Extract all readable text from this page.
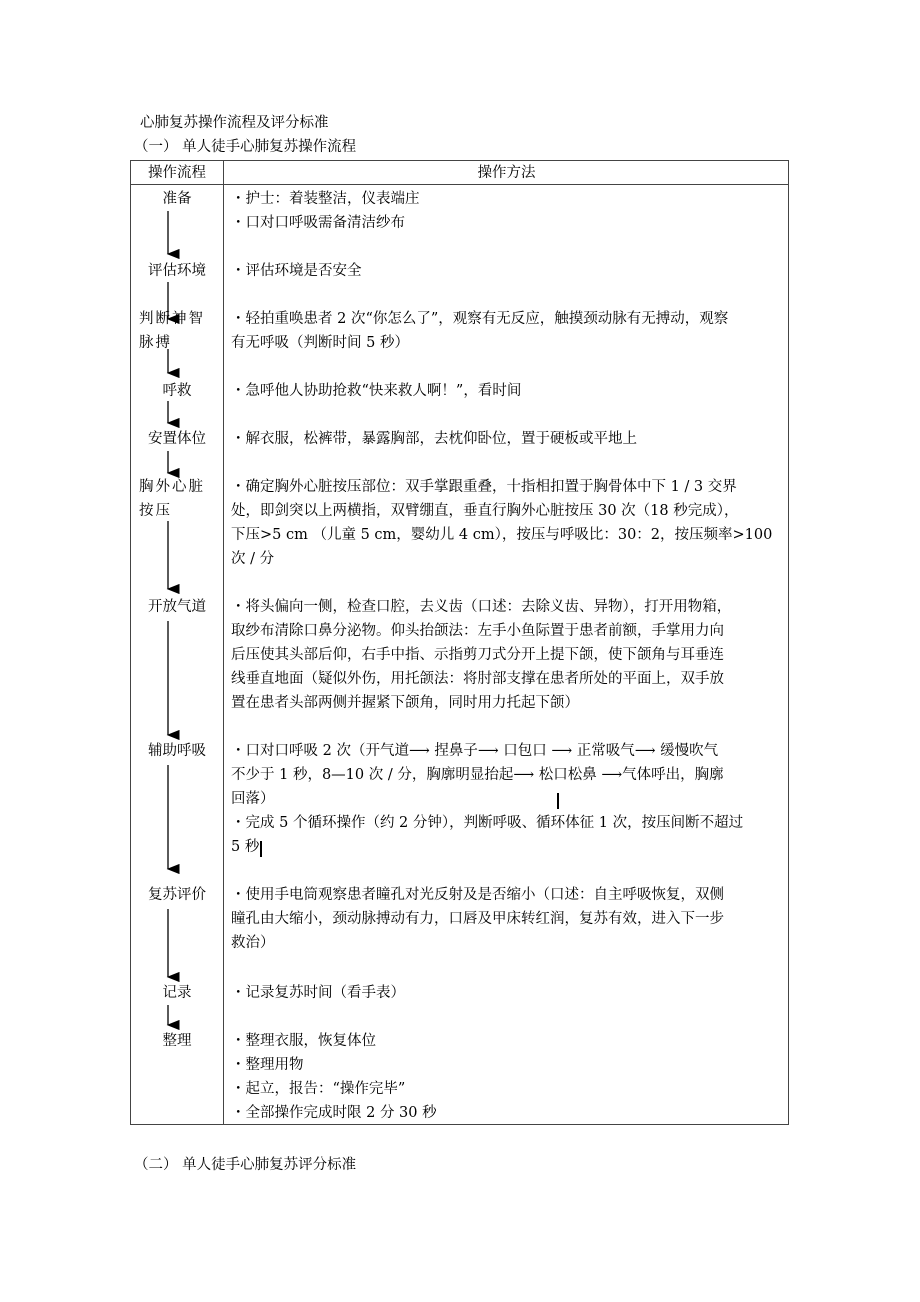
心肺复苏操作流程及评分标准
（一） 单人徒手心肺复苏操作流程
操作流程	操作方法
准备	・护士：着装整洁，仪表端庄
・口对口呼吸需备清洁纱布
评估环境	・评估环境是否安全
判断神智
脉搏
・轻拍重唤患者 2 次“你怎么了”，观察有无反应，触摸颈动脉有无搏动，观察
有无呼吸（判断时间 5 秒）
呼救	・急呼他人协助抢救“快来救人啊！”，看时间
安置体位	・解衣服，松裤带，暴露胸部，去枕仰卧位，置于硬板或平地上
胸外心脏
按压
・确定胸外心脏按压部位：双手掌跟重叠，十指相扣置于胸骨体中下 1 / 3 交界
处，即剑突以上两横指，双臂绷直，垂直行胸外心脏按压 30 次（18 秒完成），
下压>5 cm （儿童 5 cm，婴幼儿 4 cm），按压与呼吸比：30：2，按压频率>100
次 / 分
开放气道	・将头偏向一侧，检查口腔，去义齿（口述：去除义齿、异物），打开用物箱，
取纱布清除口鼻分泌物。仰头抬颌法：左手小鱼际置于患者前额，手掌用力向
后压使其头部后仰，右手中指、示指剪刀式分开上提下颌，使下颌角与耳垂连
线垂直地面（疑似外伤，用托颌法：将肘部支撑在患者所处的平面上，双手放
置在患者头部两侧并握紧下颌角，同时用力托起下颌）
辅助呼吸	・口对口呼吸 2 次（开气道⟶ 捏鼻子⟶ 口包口 ⟶ 正常吸气⟶ 缓慢吹气
不少于 1 秒，8—10 次 / 分，胸廓明显抬起⟶ 松口松鼻 ⟶气体呼出，胸廓
回落）
・完成 5 个循环操作（约 2 分钟），判断呼吸、循环体征 1 次，按压间断不超过
5 秒
复苏评价	・使用手电筒观察患者瞳孔对光反射及是否缩小（口述：自主呼吸恢复，双侧
瞳孔由大缩小，颈动脉搏动有力，口唇及甲床转红润，复苏有效，进入下一步
救治）
记录	・记录复苏时间（看手表）
整理	・整理衣服，恢复体位
・整理用物
・起立，报告：“操作完毕”
・全部操作完成时限 2 分 30 秒
（二） 单人徒手心肺复苏评分标准
